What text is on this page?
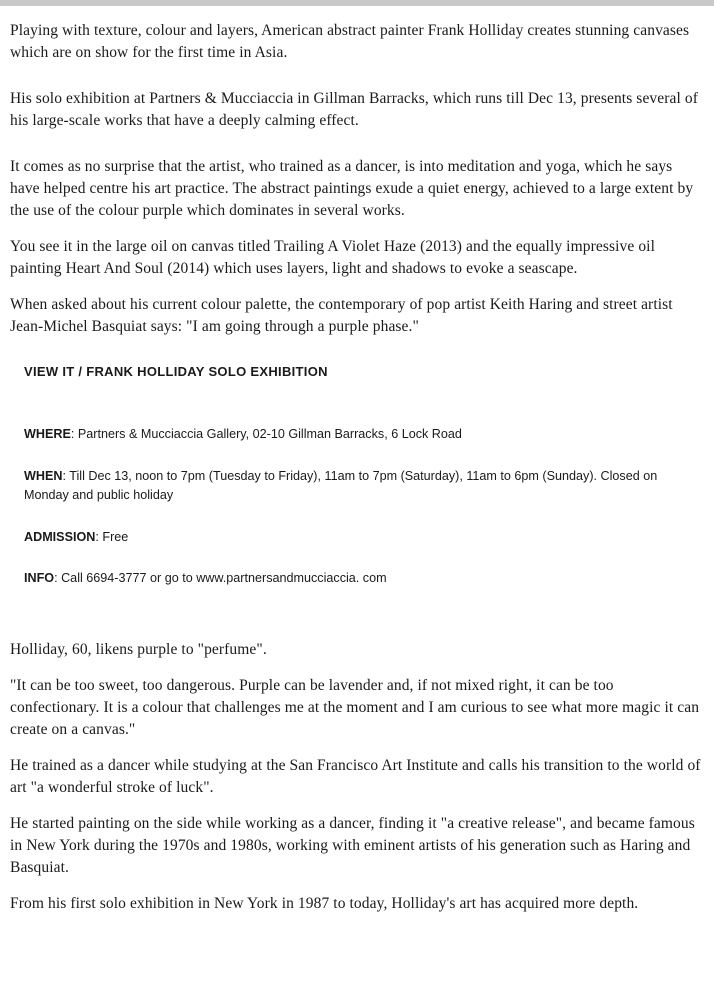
Playing with texture, colour and layers, American abstract painter Frank Holliday creates stunning canvases which are on show for the first time in Asia.

His solo exhibition at Partners & Mucciaccia in Gillman Barracks, which runs till Dec 13, presents several of his large-scale works that have a deeply calming effect.

It comes as no surprise that the artist, who trained as a dancer, is into meditation and yoga, which he says have helped centre his art practice. The abstract paintings exude a quiet energy, achieved to a large extent by the use of the colour purple which dominates in several works.

You see it in the large oil on canvas titled Trailing A Violet Haze (2013) and the equally impressive oil painting Heart And Soul (2014) which uses layers, light and shadows to evoke a seascape.

When asked about his current colour palette, the contemporary of pop artist Keith Haring and street artist Jean-Michel Basquiat says: "I am going through a purple phase."

VIEW IT / FRANK HOLLIDAY SOLO EXHIBITION
WHERE: Partners & Mucciaccia Gallery, 02-10 Gillman Barracks, 6 Lock Road
WHEN: Till Dec 13, noon to 7pm (Tuesday to Friday), 11am to 7pm (Saturday), 11am to 6pm (Sunday). Closed on Monday and public holiday
ADMISSION: Free
INFO: Call 6694-3777 or go to www.partnersandmucciaccia. com

Holliday, 60, likens purple to "perfume".

"It can be too sweet, too dangerous. Purple can be lavender and, if not mixed right, it can be too confectionary. It is a colour that challenges me at the moment and I am curious to see what more magic it can create on a canvas."

He trained as a dancer while studying at the San Francisco Art Institute and calls his transition to the world of art "a wonderful stroke of luck".

He started painting on the side while working as a dancer, finding it "a creative release", and became famous in New York during the 1970s and 1980s, working with eminent artists of his generation such as Haring and Basquiat.

From his first solo exhibition in New York in 1987 to today, Holliday's art has acquired more depth.
